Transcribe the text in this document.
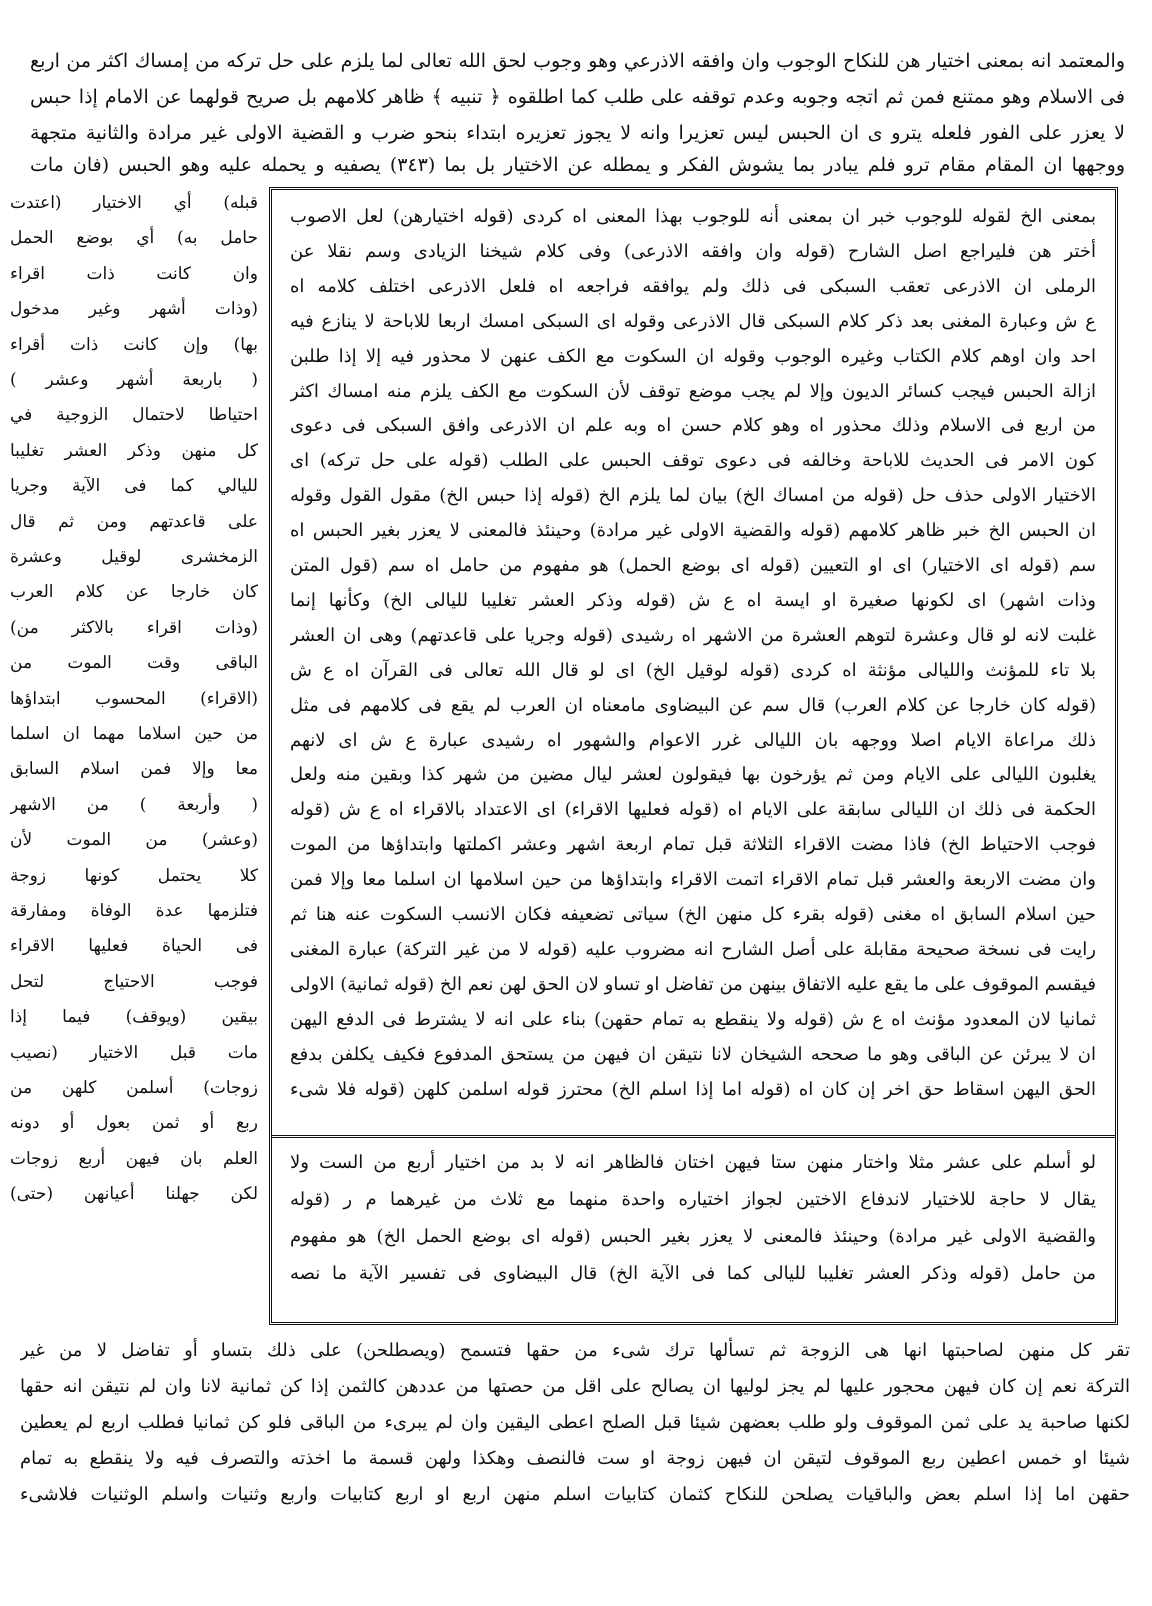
والمعتمد انه بمعنى اختيار هن للنكاح الوجوب وان وافقه الاذرعي وهو وجوب لحق الله تعالى لما يلزم على حل تركه من إمساك اكثر من اربع
فى الاسلام وهو ممتنع فمن ثم اتجه وجوبه وعدم توقفه على طلب كما اطلقوه ﴿ تنبيه ﴾ ظاهر كلامهم بل صريح قولهما عن الامام إذا حبس
لا يعزر على الفور فلعله يترو ى ان الحبس ليس تعزيرا وانه لا يجوز تعزيره ابتداء بنحو ضرب و القضية الاولى غير مرادة والثانية متجهة
ووجهها ان المقام مقام ترو فلم يبادر بما يشوش الفكر و يمطله عن الاختيار بل بما (٣٤٣) يصفيه و يحمله عليه وهو الحبس (فان مات
بمعنى الخ لقوله للوجوب خبر ان بمعنى أنه للوجوب بهذا المعنى اه كردى (قوله اختيارهن) لعل الاصوب
أختر هن فليراجع اصل الشارح (قوله وان وافقه الاذرعى) وفى كلام شيخنا الزيادى وسم نقلا عن
الرملى ان الاذرعى تعقب السبكى فى ذلك ولم يوافقه فراجعه اه فلعل الاذرعى اختلف كلامه اه
ع ش وعبارة المغنى بعد ذكر كلام السبكى قال الاذرعى وقوله اى السبكى امسك اربعا للاباحة لا ينازع فيه
احد وان اوهم كلام الكتاب وغيره الوجوب وقوله ان السكوت مع الكف عنهن لا محذور فيه إلا إذا طلبن
ازالة الحبس فيجب كسائر الديون وإلا لم يجب موضع توقف لأن السكوت مع الكف يلزم منه امساك اكثر
من اربع فى الاسلام وذلك محذور اه وهو كلام حسن اه وبه علم ان الاذرعى وافق السبكى فى دعوى
كون الامر فى الحديث للاباحة وخالفه فى دعوى توقف الحبس على الطلب (قوله على حل تركه) اى
الاختيار الاولى حذف حل (قوله من امساك الخ) بيان لما يلزم الخ (قوله إذا حبس الخ) مقول القول وقوله
ان الحبس الخ خبر ظاهر كلامهم (قوله والقضية الاولى غير مرادة) وحينئذ فالمعنى لا يعزر بغير الحبس اه
سم (قوله اى الاختيار) اى او التعيين (قوله اى بوضع الحمل) هو مفهوم من حامل اه سم (قول المتن
وذات اشهر) اى لكونها صغيرة او ايسة اه ع ش (قوله وذكر العشر تغليبا لليالى الخ) وكأنها إنما
غلبت لانه لو قال وعشرة لتوهم العشرة من الاشهر اه رشيدى (قوله وجريا على قاعدتهم) وهى ان العشر
بلا تاء للمؤنث والليالى مؤنثة اه كردى (قوله لوقيل الخ) اى لو قال الله تعالى فى القرآن اه ع ش
(قوله كان خارجا عن كلام العرب) قال سم عن البيضاوى مامعناه ان العرب لم يقع فى كلامهم فى مثل
ذلك مراعاة الايام اصلا ووجهه بان الليالى غرر الاعوام والشهور اه رشيدى عبارة ع ش اى لانهم
يغلبون الليالى على الايام ومن ثم يؤرخون بها فيقولون لعشر ليال مضين من شهر كذا وبقين منه ولعل
الحكمة فى ذلك ان الليالى سابقة على الايام اه (قوله فعليها الاقراء) اى الاعتداد بالاقراء اه ع ش (قوله
فوجب الاحتياط الخ) فاذا مضت الاقراء الثلاثة قبل تمام اربعة اشهر وعشر اكملتها وابتداؤها من الموت
وان مضت الاربعة والعشر قبل تمام الاقراء اتمت الاقراء وابتداؤها من حين اسلامها ان اسلما معا وإلا فمن
حين اسلام السابق اه مغنى (قوله بقرء كل منهن الخ) سياتى تضعيفه فكان الانسب السكوت عنه هنا ثم
رايت فى نسخة صحيحة مقابلة على أصل الشارح انه مضروب عليه (قوله لا من غير التركة) عبارة المغنى
فيقسم الموقوف على ما يقع عليه الاتفاق بينهن من تفاضل او تساو لان الحق لهن نعم الخ (قوله ثمانية) الاولى
ثمانيا لان المعدود مؤنث اه ع ش (قوله ولا ينقطع به تمام حقهن) بناء على انه لا يشترط فى الدفع اليهن
ان لا يبرئن عن الباقى وهو ما صححه الشيخان لانا نتيقن ان فيهن من يستحق المدفوع فكيف يكلفن بدفع
الحق اليهن اسقاط حق اخر إن كان اه (قوله اما إذا اسلم الخ) محترز قوله اسلمن كلهن (قوله فلا شىء
لو أسلم على عشر مثلا واختار منهن ستا فيهن اختان فالظاهر انه لا بد من اختيار أربع من الست ولا
يقال لا حاجة للاختيار لاندفاع الاختين لجواز اختياره واحدة منهما مع ثلاث من غيرهما م ر (قوله
والقضية الاولى غير مرادة) وحينئذ فالمعنى لا يعزر بغير الحبس (قوله اى بوضع الحمل الخ) هو مفهوم
من حامل (قوله وذكر العشر تغليبا لليالى كما فى الآية الخ) قال البيضاوى فى تفسير الآية ما نصه
قبله) أي الاختيار (اعتدت
حامل به) أي بوضع الحمل
وان كانت ذات اقراء
(وذات أشهر وغير مدخول
بها) وإن كانت ذات أقراء
( باربعة أشهر وعشر )
احتياطا لاحتمال الزوجية في
كل منهن وذكر العشر تغليبا
لليالي كما فى الآية وجريا
على قاعدتهم ومن ثم قال
الزمخشرى لوقيل وعشرة
كان خارجا عن كلام العرب
(وذات اقراء بالاكثر من)
الباقى وقت الموت من
(الاقراء) المحسوب ابتداؤها
من حين اسلاما مهما ان اسلما
معا وإلا فمن اسلام السابق
( وأربعة ) من الاشهر
(وعشر) من الموت لأن
كلا يحتمل كونها زوجة
فتلزمها عدة الوفاة ومفارقة
فى الحياة فعليها الاقراء
فوجب الاحتياج لتحل
بيقين (ويوقف) فيما إذا
مات قبل الاختيار (نصيب
زوجات) أسلمن كلهن من
ربع أو ثمن بعول أو دونه
العلم بان فيهن أربع زوجات
لكن جهلنا أعيانهن (حتى)
تقر كل منهن لصاحبتها انها هى الزوجة ثم تسألها ترك شىء من حقها فتسمح (ويصطلحن) على ذلك بتساو أو تفاضل لا من غير
التركة نعم إن كان فيهن محجور عليها لم يجز لوليها ان يصالح على اقل من حصتها من عددهن كالثمن إذا كن ثمانية لانا وان لم نتيقن انه حقها
لكنها صاحبة يد على ثمن الموقوف ولو طلب بعضهن شيئا قبل الصلح اعطى اليقين وان لم يبرىء من الباقى فلو كن ثمانيا فطلب اربع لم يعطين
شيئا او خمس اعطين ربع الموقوف لتيقن ان فيهن زوجة او ست فالنصف وهكذا ولهن قسمة ما اخذته والتصرف فيه ولا ينقطع به تمام
حقهن اما إذا اسلم بعض والباقيات يصلحن للنكاح كثمان كتابيات اسلم منهن اربع او اربع كتابيات واربع وثنيات واسلم الوثنيات فلاشىء
